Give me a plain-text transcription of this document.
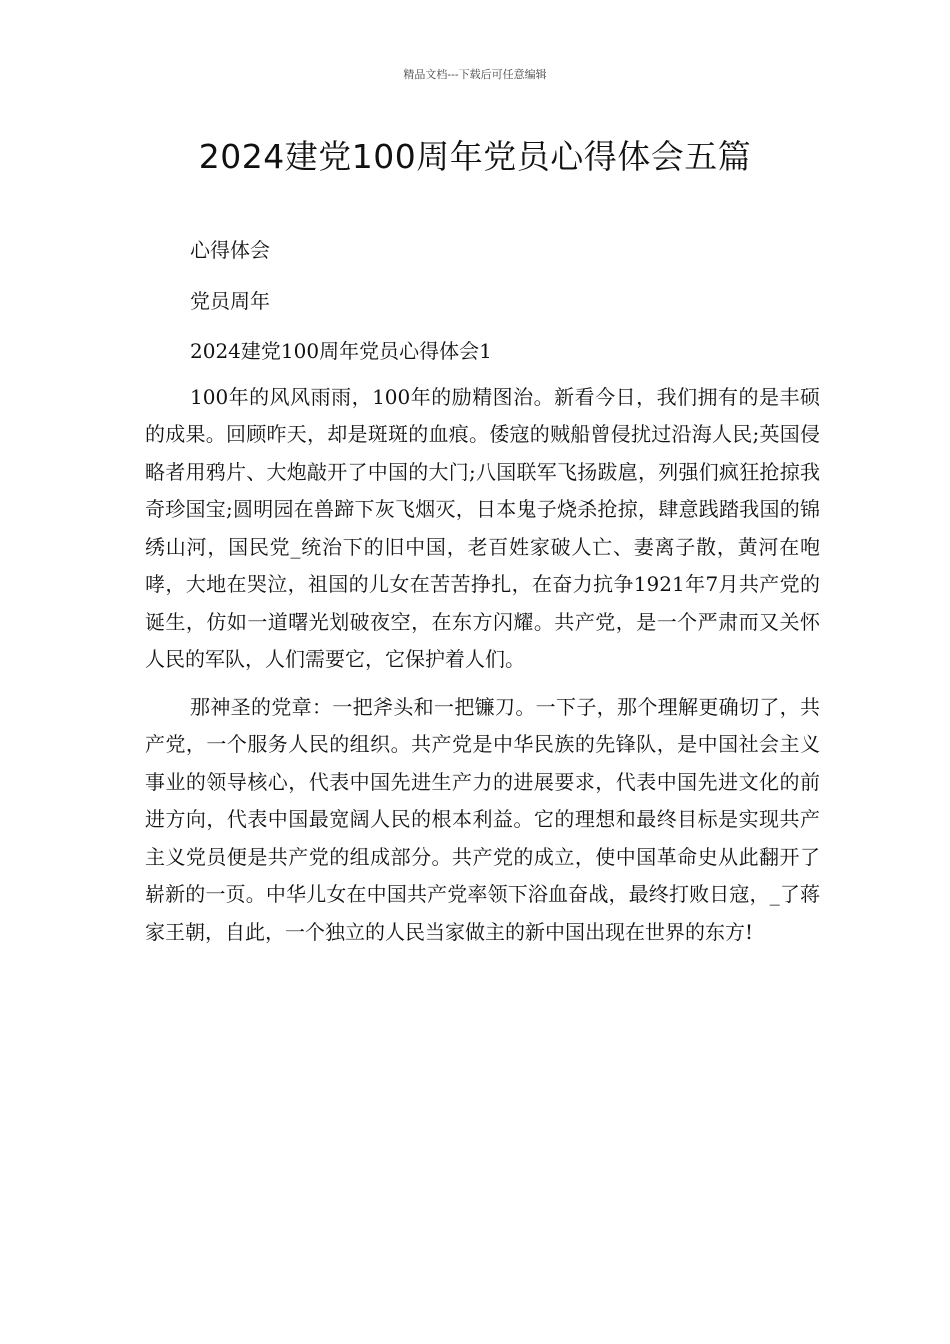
精品文档---下载后可任意编辑
2024建党100周年党员心得体会五篇

心得体会

党员周年

2024建党100周年党员心得体会1

100年的风风雨雨，100年的励精图治。新看今日，我们拥有的是丰硕的成果。回顾昨天，却是斑斑的血痕。倭寇的贼船曾侵扰过沿海人民;英国侵略者用鸦片、大炮敲开了中国的大门;八国联军飞扬跋扈，列强们疯狂抢掠我奇珍国宝;圆明园在兽蹄下灰飞烟灭，日本鬼子烧杀抢掠，肆意践踏我国的锦绣山河，国民党_统治下的旧中国，老百姓家破人亡、妻离子散，黄河在咆哮，大地在哭泣，祖国的儿女在苦苦挣扎，在奋力抗争1921年7月共产党的诞生，仿如一道曙光划破夜空，在东方闪耀。共产党，是一个严肃而又关怀人民的军队，人们需要它，它保护着人们。

那神圣的党章：一把斧头和一把镰刀。一下子，那个理解更确切了，共产党，一个服务人民的组织。共产党是中华民族的先锋队，是中国社会主义事业的领导核心，代表中国先进生产力的进展要求，代表中国先进文化的前进方向，代表中国最宽阔人民的根本利益。它的理想和最终目标是实现共产主义党员便是共产党的组成部分。共产党的成立，使中国革命史从此翻开了崭新的一页。中华儿女在中国共产党率领下浴血奋战，最终打败日寇，_了蒋家王朝，自此，一个独立的人民当家做主的新中国出现在世界的东方!
